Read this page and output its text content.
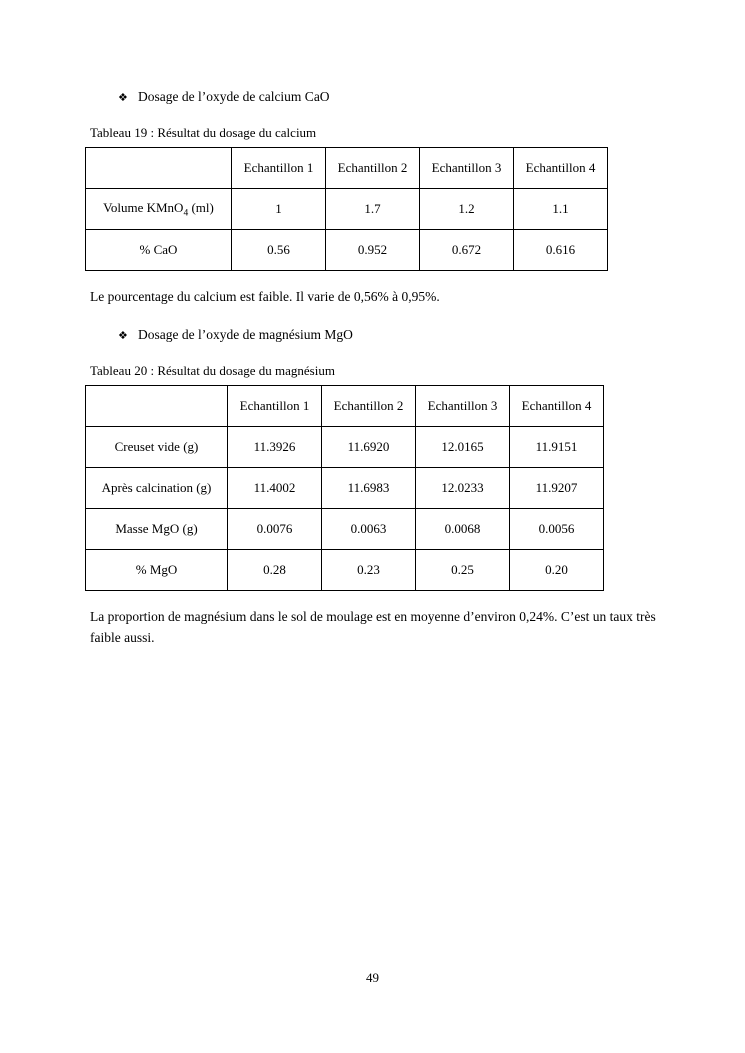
❖ Dosage de l’oxyde de calcium CaO
Tableau 19 : Résultat du dosage du calcium
	Echantillon 1	Echantillon 2	Echantillon 3	Echantillon 4
Volume KMnO$_4$ (ml)	1	1.7	1.2	1.1
% CaO	0.56	0.952	0.672	0.616
Le pourcentage du calcium est faible. Il varie de 0,56% à 0,95%.
❖ Dosage de l’oxyde de magnésium MgO
Tableau 20 : Résultat du dosage du magnésium
	Echantillon 1	Echantillon 2	Echantillon 3	Echantillon 4
Creuset vide (g)	11.3926	11.6920	12.0165	11.9151
Après calcination (g)	11.4002	11.6983	12.0233	11.9207
Masse MgO (g)	0.0076	0.0063	0.0068	0.0056
% MgO	0.28	0.23	0.25	0.20
La proportion de magnésium dans le sol de moulage est en moyenne d’environ 0,24%. C’est un taux très faible aussi.
49
